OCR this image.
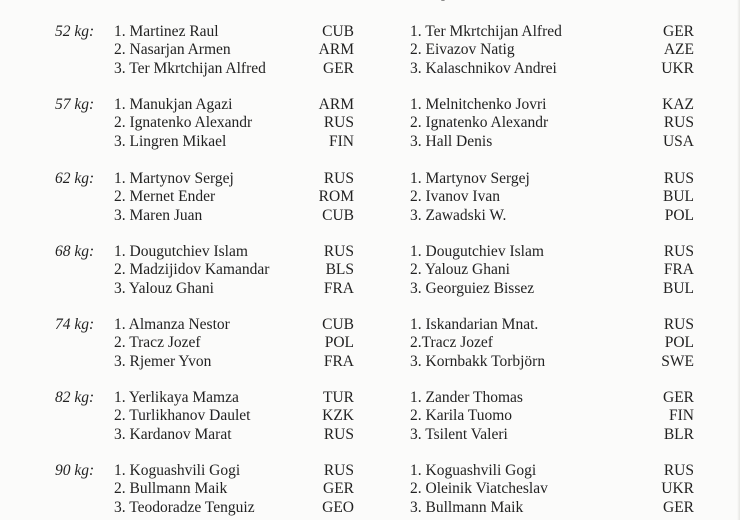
52 kg: 1. Martinez Raul	CUB	1. Ter Mkrtchijan Alfred	GER
2. Nasarjan Armen	ARM	2. Eivazov Natig	AZE
3. Ter Mkrtchijan Alfred	GER	3. Kalaschnikov Andrei	UKR
57 kg: 1. Manukjan Agazi	ARM	1. Melnitchenko Jovri	KAZ
2. Ignatenko Alexandr	RUS	2. Ignatenko Alexandr	RUS
3. Lingren Mikael	FIN	3. Hall Denis	USA
62 kg: 1. Martynov Sergej	RUS	1. Martynov Sergej	RUS
2. Mernet Ender	ROM	2. Ivanov Ivan	BUL
3. Maren Juan	CUB	3. Zawadski W.	POL
68 kg: 1. Dougutchiev Islam	RUS	1. Dougutchiev Islam	RUS
2. Madzijidov Kamandar	BLS	2. Yalouz Ghani	FRA
3. Yalouz Ghani	FRA	3. Georguiez Bissez	BUL
74 kg: 1. Almanza Nestor	CUB	1. Iskandarian Mnat.	RUS
2. Tracz Jozef	POL	2.Tracz Jozef	POL
3. Rjemer Yvon	FRA	3. Kornbakk Torbjörn	SWE
82 kg: 1. Yerlikaya Mamza	TUR	1. Zander Thomas	GER
2. Turlikhanov Daulet	KZK	2. Karila Tuomo	FIN
3. Kardanov Marat	RUS	3. Tsilent Valeri	BLR
90 kg: 1. Koguashvili Gogi	RUS	1. Koguashvili Gogi	RUS
2. Bullmann Maik	GER	2. Oleinik Viatcheslav	UKR
3. Teodoradze Tenguiz	GEO	3. Bullmann Maik	GER
